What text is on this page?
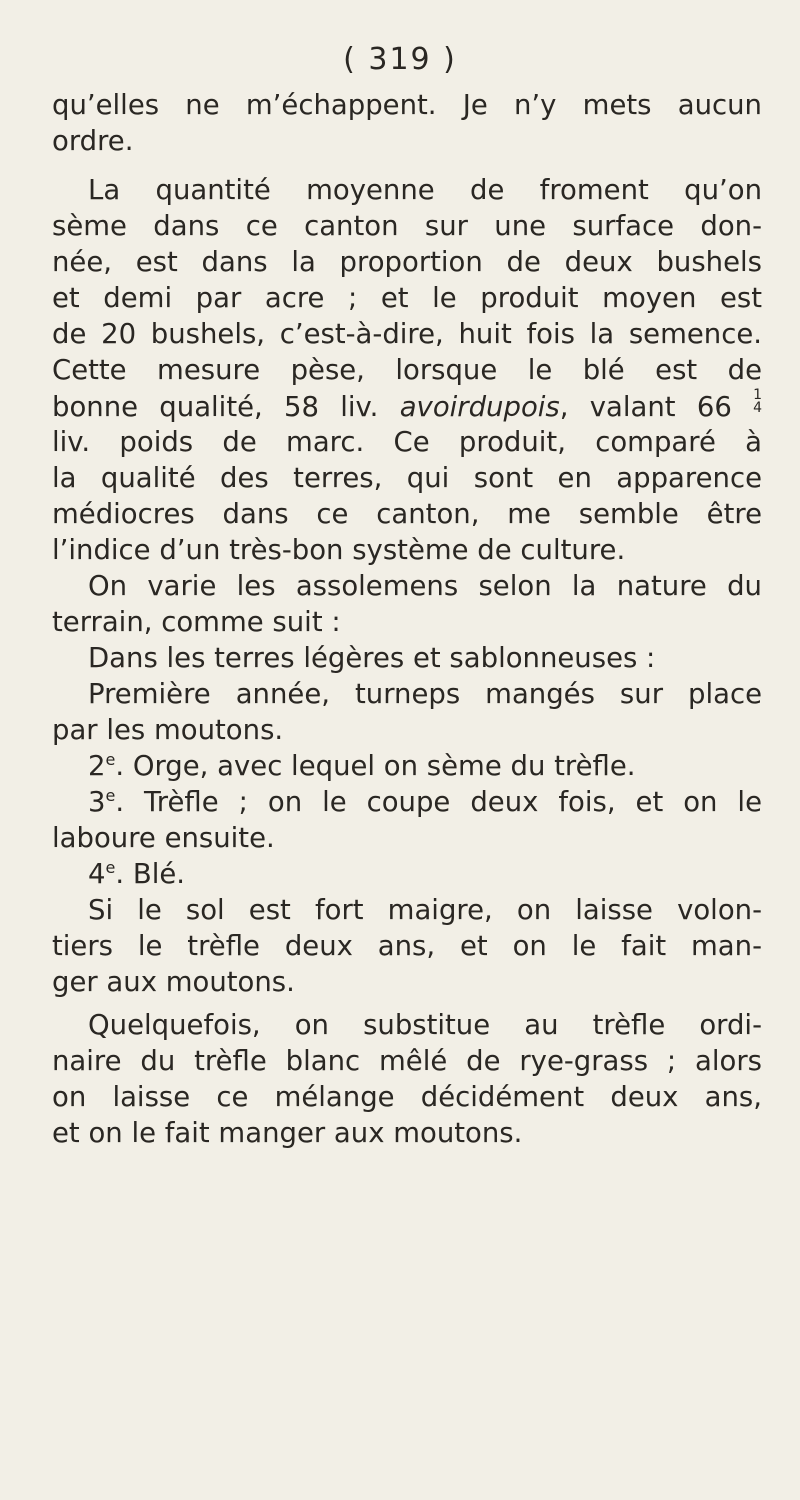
( 319 )
qu’elles ne m’échappent. Je n’y mets aucun
ordre.
La quantité moyenne de froment qu’on
sème dans ce canton sur une surface don-
née, est dans la proportion de deux bushels
et demi par acre ; et le produit moyen est
de 20 bushels, c’est-à-dire, huit fois la semence.
Cette mesure pèse, lorsque le blé est de
bonne qualité, 58 liv. avoirdupois, valant 66 1
4
liv. poids de marc. Ce produit, comparé à
la qualité des terres, qui sont en apparence
médiocres dans ce canton, me semble être
l’indice d’un très-bon système de culture.
On varie les assolemens selon la nature du
terrain, comme suit :
Dans les terres légères et sablonneuses :
Première année, turneps mangés sur place
par les moutons.
2e. Orge, avec lequel on sème du trèfle.
3e. Trèfle ; on le coupe deux fois, et on le
laboure ensuite.
4e. Blé.
Si le sol est fort maigre, on laisse volon-
tiers le trèfle deux ans, et on le fait man-
ger aux moutons.
Quelquefois, on substitue au trèfle ordi-
naire du trèfle blanc mêlé de rye-grass ; alors
on laisse ce mélange décidément deux ans,
et on le fait manger aux moutons.
